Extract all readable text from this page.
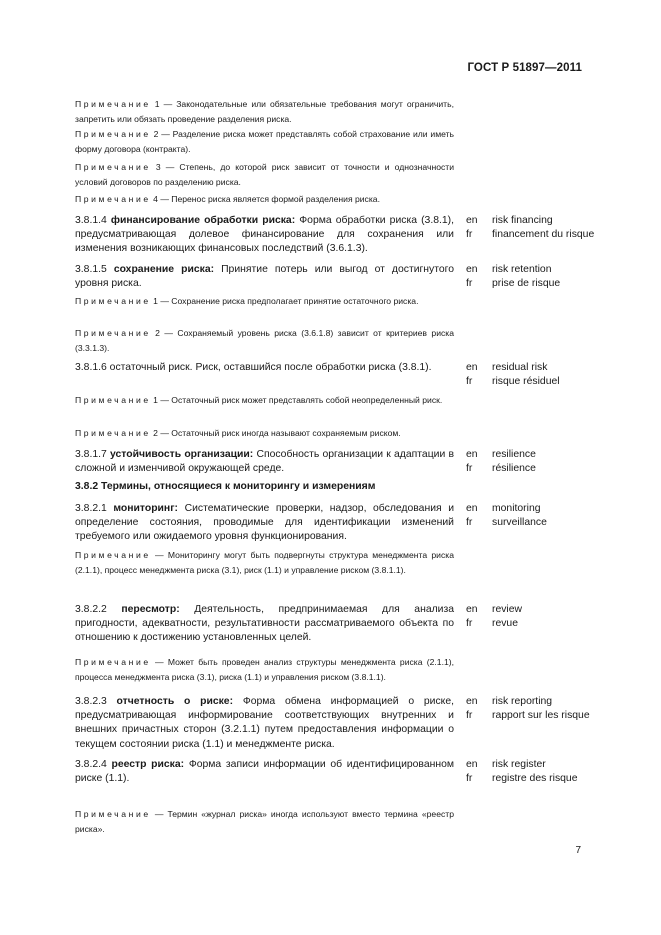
ГОСТ Р 51897—2011
Примечание 1 — Законодательные или обязательные требования могут ограничить, запретить или обязать проведение разделения риска.
Примечание 2 — Разделение риска может представлять собой страхование или иметь форму договора (контракта).
Примечание 3 — Степень, до которой риск зависит от точности и однозначности условий договоров по разделению риска.
Примечание 4 — Перенос риска является формой разделения риска.
3.8.1.4 финансирование обработки риска: Форма обработки риска (3.8.1), предусматривающая долевое финансирование для сохранения или изменения возникающих финансовых последствий (3.6.1.3).
en	risk financing
fr	financement du risque
3.8.1.5 сохранение риска: Принятие потерь или выгод от достигнутого уровня риска.
en	risk retention
fr	prise de risque
Примечание 1 — Сохранение риска предполагает принятие остаточного риска.
Примечание 2 — Сохраняемый уровень риска (3.6.1.8) зависит от критериев риска (3.3.1.3).
3.8.1.6 остаточный риск. Риск, оставшийся после обработки риска (3.8.1).	en	residual risk
fr	risque résiduel
Примечание 1 — Остаточный риск может представлять собой неопределенный риск.
Примечание 2 — Остаточный риск иногда называют сохраняемым риском.
3.8.1.7 устойчивость организации: Способность организации к адаптации в сложной и изменчивой окружающей среде.
en	resilience
fr	résilience
3.8.2 Термины, относящиеся к мониторингу и измерениям
3.8.2.1 мониторинг: Систематические проверки, надзор, обследования и определение состояния, проводимые для идентификации изменений требуемого или ожидаемого уровня функционирования.
en	monitoring
fr	surveillance
Примечание — Мониторингу могут быть подвергнуты структура менеджмента риска (2.1.1), процесс менеджмента риска (3.1), риск (1.1) и управление риском (3.8.1.1).
3.8.2.2 пересмотр: Деятельность, предпринимаемая для анализа пригодности, адекватности, результативности рассматриваемого объекта по отношению к достижению установленных целей.
en	review
fr	revue
Примечание — Может быть проведен анализ структуры менеджмента риска (2.1.1), процесса менеджмента риска (3.1), риска (1.1) и управления риском (3.8.1.1).
3.8.2.3 отчетность о риске: Форма обмена информацией о риске, предусматривающая информирование соответствующих внутренних и внешних причастных сторон (3.2.1.1) путем предоставления информации о текущем состоянии риска (1.1) и менеджменте риска.
en	risk reporting
fr	rapport sur les risque
3.8.2.4 реестр риска: Форма записи информации об идентифицированном риске (1.1).
en	risk register
fr	registre des risque
Примечание — Термин «журнал риска» иногда используют вместо термина «реестр риска».
7
